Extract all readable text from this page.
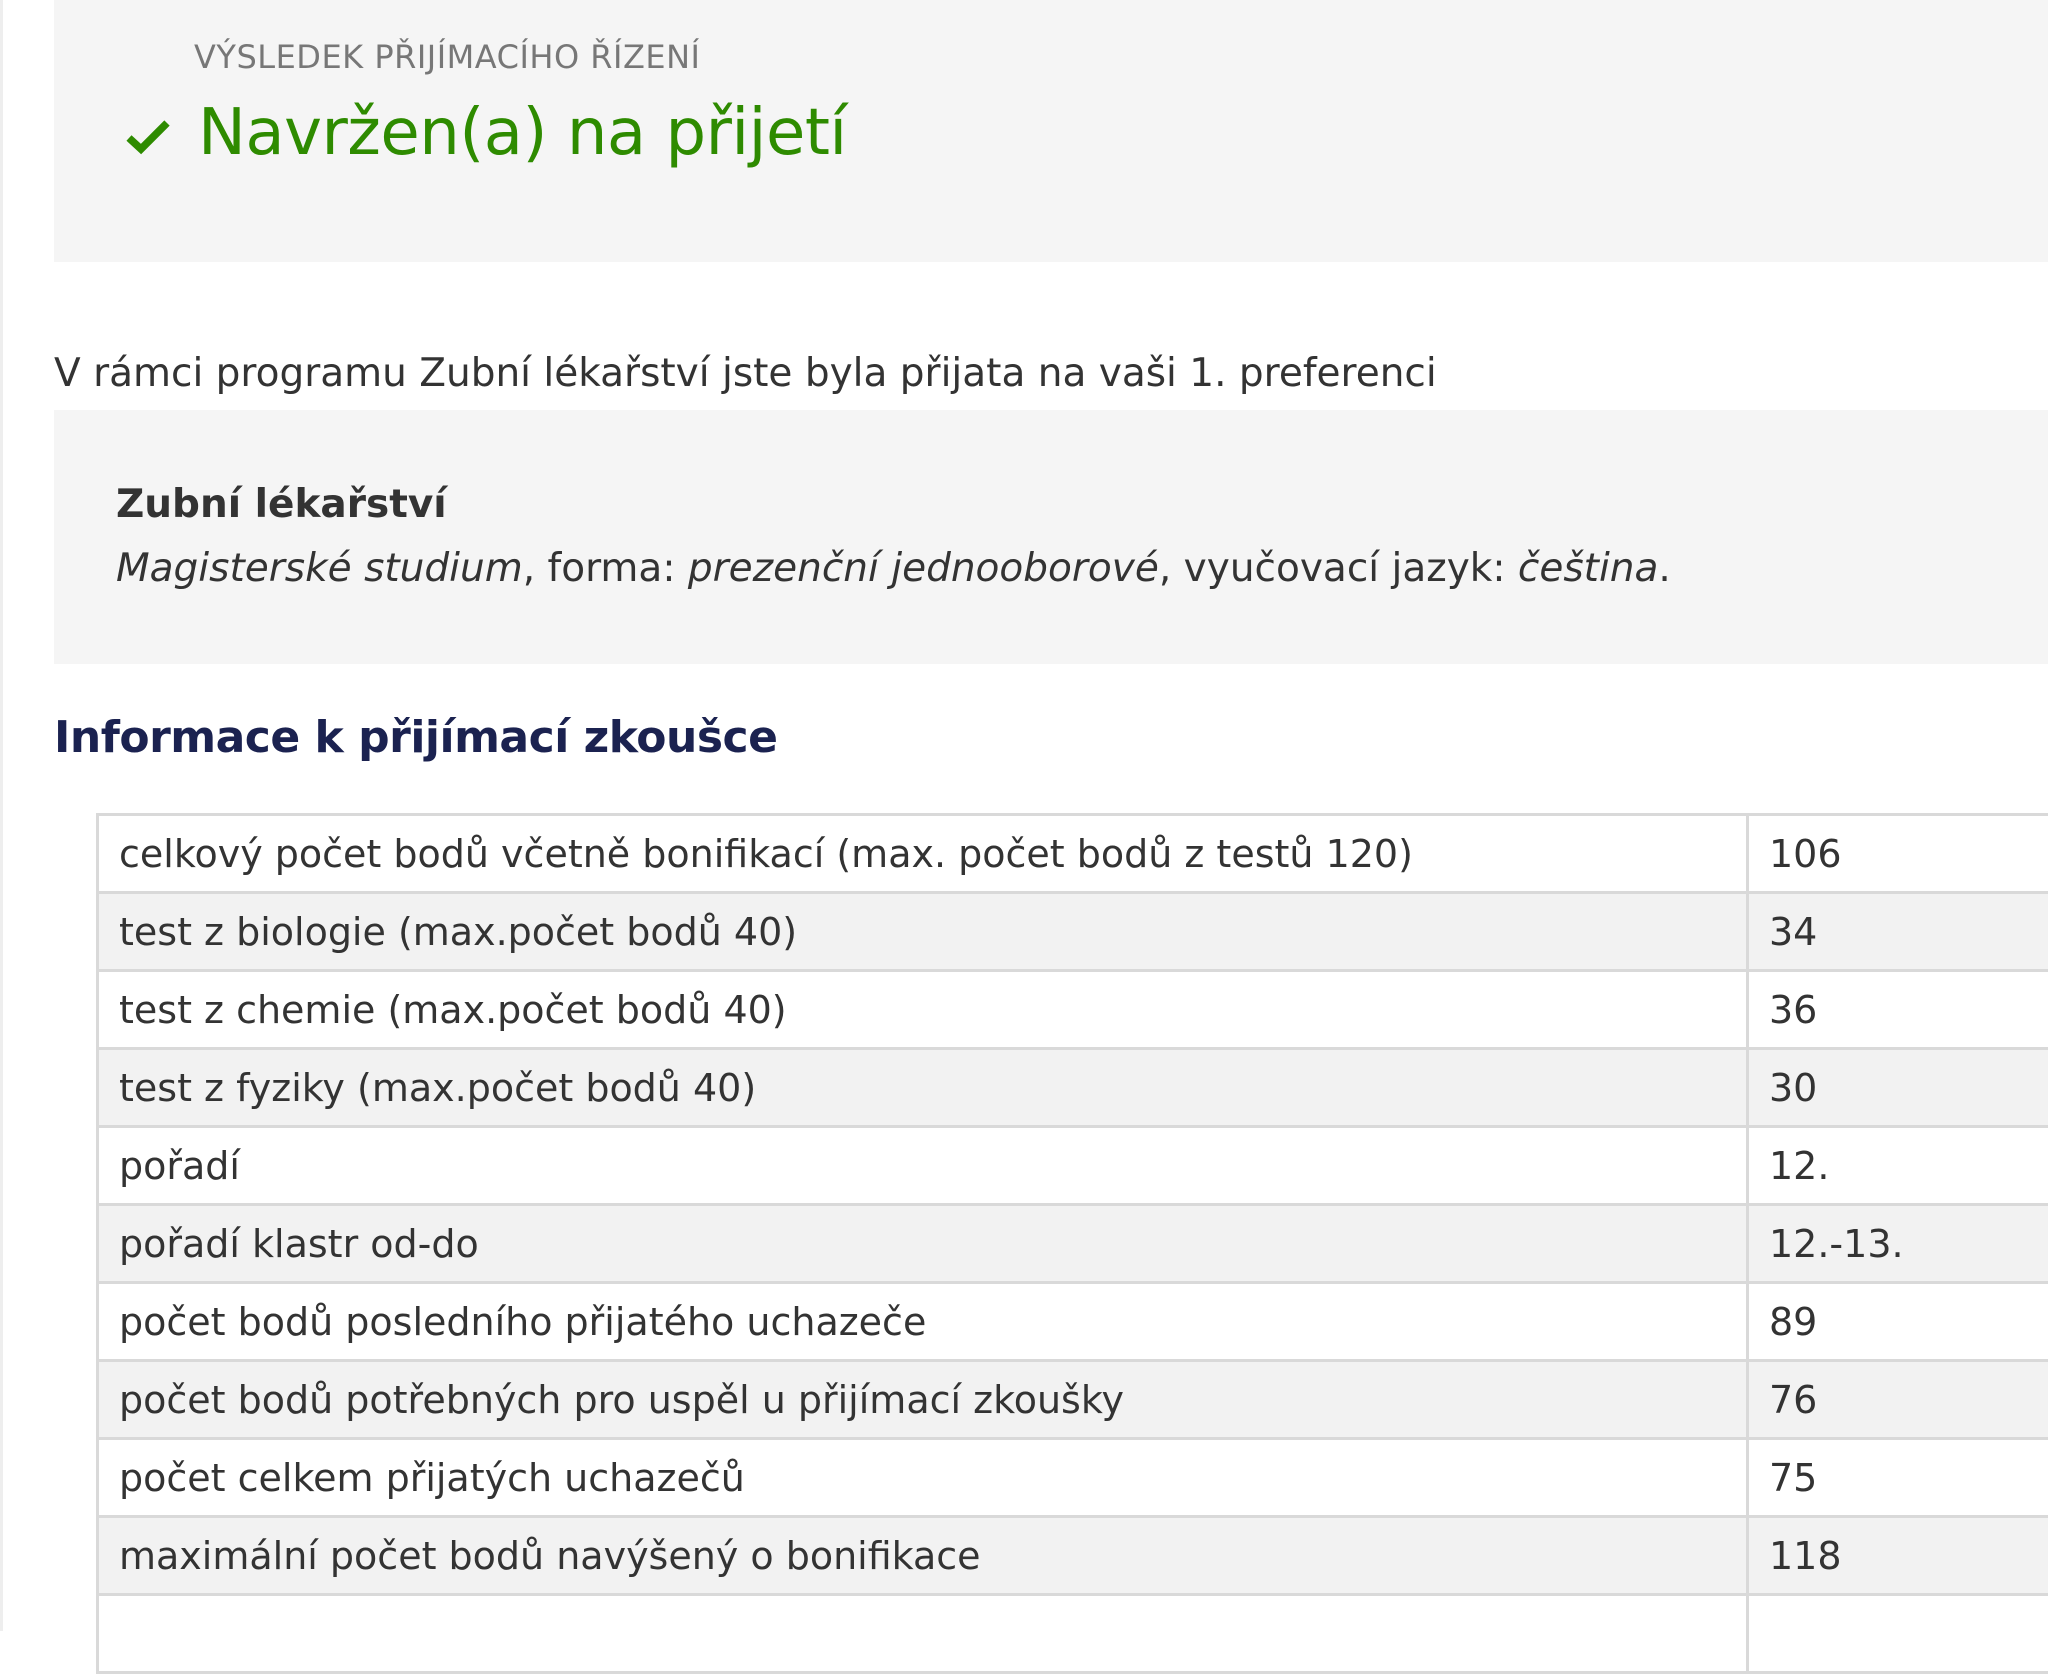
VÝSLEDEK PŘIJÍMACÍHO ŘÍZENÍ
Navržen(a) na přijetí

V rámci programu Zubní lékařství jste byla přijata na vaši 1. preferenci

Zubní lékařství
Magisterské studium, forma: prezenční jednooborové, vyučovací jazyk: čeština.
Informace k přijímací zkoušce
celkový počet bodů včetně bonifikací (max. počet bodů z testů 120)	106
test z biologie (max.počet bodů 40)	34
test z chemie (max.počet bodů 40)	36
test z fyziky (max.počet bodů 40)	30
pořadí	12.
pořadí klastr od-do	12.-13.
počet bodů posledního přijatého uchazeče	89
počet bodů potřebných pro uspěl u přijímací zkoušky	76
počet celkem přijatých uchazečů	75
maximální počet bodů navýšený o bonifikace	118
